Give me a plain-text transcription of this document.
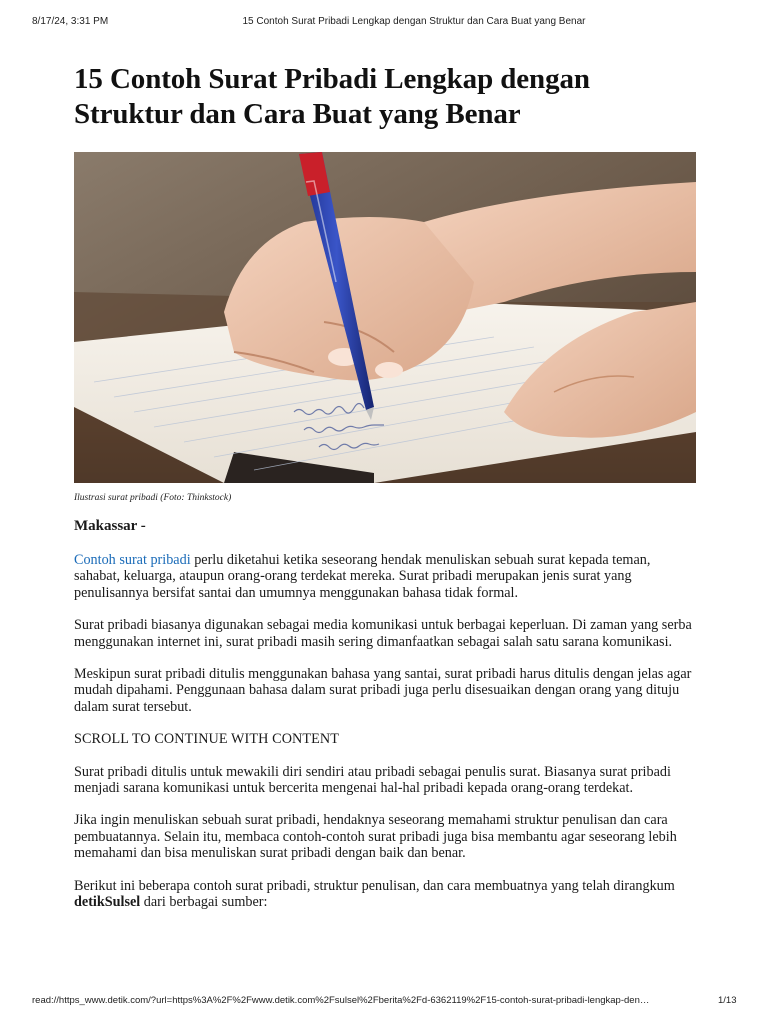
8/17/24, 3:31 PM	15 Contoh Surat Pribadi Lengkap dengan Struktur dan Cara Buat yang Benar
15 Contoh Surat Pribadi Lengkap dengan Struktur dan Cara Buat yang Benar
Ilustrasi surat pribadi (Foto: Thinkstock)
Makassar -

Contoh surat pribadi perlu diketahui ketika seseorang hendak menuliskan sebuah surat kepada teman, sahabat, keluarga, ataupun orang-orang terdekat mereka. Surat pribadi merupakan jenis surat yang penulisannya bersifat santai dan umumnya menggunakan bahasa tidak formal.

Surat pribadi biasanya digunakan sebagai media komunikasi untuk berbagai keperluan. Di zaman yang serba menggunakan internet ini, surat pribadi masih sering dimanfaatkan sebagai salah satu sarana komunikasi.

Meskipun surat pribadi ditulis menggunakan bahasa yang santai, surat pribadi harus ditulis dengan jelas agar mudah dipahami. Penggunaan bahasa dalam surat pribadi juga perlu disesuaikan dengan orang yang dituju dalam surat tersebut.

SCROLL TO CONTINUE WITH CONTENT

Surat pribadi ditulis untuk mewakili diri sendiri atau pribadi sebagai penulis surat. Biasanya surat pribadi menjadi sarana komunikasi untuk bercerita mengenai hal-hal pribadi kepada orang-orang terdekat.

Jika ingin menuliskan sebuah surat pribadi, hendaknya seseorang memahami struktur penulisan dan cara pembuatannya. Selain itu, membaca contoh-contoh surat pribadi juga bisa membantu agar seseorang lebih memahami dan bisa menuliskan surat pribadi dengan baik dan benar.

Berikut ini beberapa contoh surat pribadi, struktur penulisan, dan cara membuatnya yang telah dirangkum detikSulsel dari berbagai sumber:

read://https_www.detik.com/?url=https%3A%2F%2Fwww.detik.com%2Fsulsel%2Fberita%2Fd-6362119%2F15-contoh-surat-pribadi-lengkap-den…	1/13
